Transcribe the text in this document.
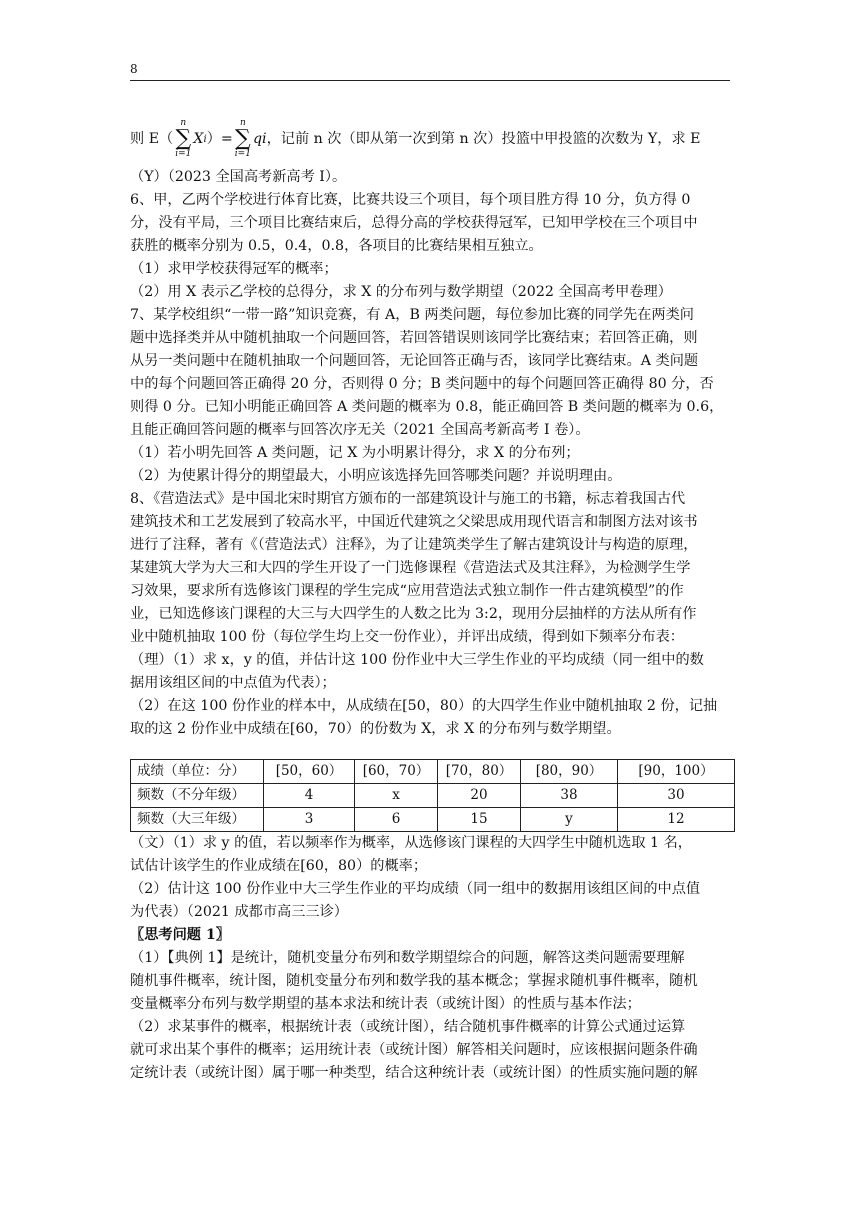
8
则 E（
n
∑
i=1
X i ）=
n
∑
i=1
qi ，记前 n 次（即从第一次到第 n 次）投篮中甲投篮的次数为 Y，求 E

（Y）（2023 全国高考新高考 I）。

6、甲，乙两个学校进行体育比赛，比赛共设三个项目，每个项目胜方得 10 分，负方得 0

分，没有平局，三个项目比赛结束后，总得分高的学校获得冠军，已知甲学校在三个项目中

获胜的概率分别为 0.5，0.4，0.8，各项目的比赛结果相互独立。

（1）求甲学校获得冠军的概率；

（2）用 X 表示乙学校的总得分，求 X 的分布列与数学期望（2022 全国高考甲卷理）

7、某学校组织“一带一路”知识竞赛，有 A，B 两类问题，每位参加比赛的同学先在两类问

题中选择类并从中随机抽取一个问题回答，若回答错误则该同学比赛结束；若回答正确，则

从另一类问题中在随机抽取一个问题回答，无论回答正确与否，该同学比赛结束。A 类问题

中的每个问题回答正确得 20 分，否则得 0 分；B 类问题中的每个问题回答正确得 80 分，否

则得 0 分。已知小明能正确回答 A 类问题的概率为 0.8，能正确回答 B 类问题的概率为 0.6，

且能正确回答问题的概率与回答次序无关（2021 全国高考新高考 I 卷）。

（1）若小明先回答 A 类问题，记 X 为小明累计得分，求 X 的分布列；

（2）为使累计得分的期望最大，小明应该选择先回答哪类问题？并说明理由。

8、《营造法式》是中国北宋时期官方颁布的一部建筑设计与施工的书籍，标志着我国古代

建筑技术和工艺发展到了较高水平，中国近代建筑之父梁思成用现代语言和制图方法对该书

进行了注释，著有《（营造法式）注释》，为了让建筑类学生了解古建筑设计与构造的原理，

某建筑大学为大三和大四的学生开设了一门选修课程《营造法式及其注释》，为检测学生学

习效果，要求所有选修该门课程的学生完成“应用营造法式独立制作一件古建筑模型”的作

业，已知选修该门课程的大三与大四学生的人数之比为 3:2，现用分层抽样的方法从所有作

业中随机抽取 100 份（每位学生均上交一份作业），并评出成绩，得到如下频率分布表：

（理）（1）求 x，y 的值，并估计这 100 份作业中大三学生作业的平均成绩（同一组中的数

据用该组区间的中点值为代表）；

（2）在这 100 份作业的样本中，从成绩在[50，80）的大四学生作业中随机抽取 2 份，记抽

取的这 2 份作业中成绩在[60，70）的份数为 X，求 X 的分布列与数学期望。

成绩（单位：分）	[50，60）	[60，70）	[70，80）	[80，90）	[90，100）
频数（不分年级）	4	x	20	38	30
频数（大三年级）	3	6	15	y	12

（文）（1）求 y 的值，若以频率作为概率，从选修该门课程的大四学生中随机选取 1 名，

试估计该学生的作业成绩在[60，80）的概率；

（2）估计这 100 份作业中大三学生作业的平均成绩（同一组中的数据用该组区间的中点值

为代表）（2021 成都市高三三诊）

〖思考问题 1〗

（1）【典例 1】是统计，随机变量分布列和数学期望综合的问题，解答这类问题需要理解

随机事件概率，统计图，随机变量分布列和数学我的基本概念；掌握求随机事件概率，随机

变量概率分布列与数学期望的基本求法和统计表（或统计图）的性质与基本作法；

（2）求某事件的概率，根据统计表（或统计图），结合随机事件概率的计算公式通过运算

就可求出某个事件的概率；运用统计表（或统计图）解答相关问题时，应该根据问题条件确

定统计表（或统计图）属于哪一种类型，结合这种统计表（或统计图）的性质实施问题的解
